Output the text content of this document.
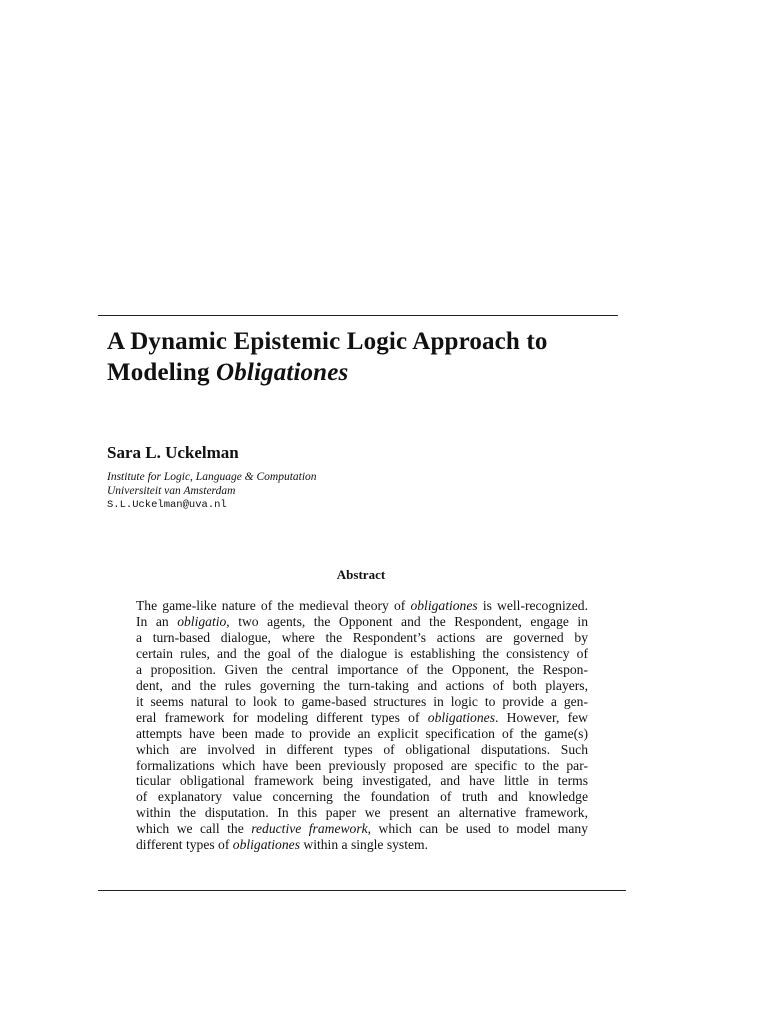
A Dynamic Epistemic Logic Approach to
Modeling Obligationes

Sara L. Uckelman

Institute for Logic, Language & Computation

Universiteit van Amsterdam

S.L.Uckelman@uva.nl

Abstract

The game-like nature of the medieval theory of obligationes is well-recognized.
In an obligatio, two agents, the Opponent and the Respondent, engage in
a turn-based dialogue, where the Respondent’s actions are governed by
certain rules, and the goal of the dialogue is establishing the consistency of
a proposition. Given the central importance of the Opponent, the Respon-
dent, and the rules governing the turn-taking and actions of both players,
it seems natural to look to game-based structures in logic to provide a gen-
eral framework for modeling different types of obligationes. However, few
attempts have been made to provide an explicit specification of the game(s)
which are involved in different types of obligational disputations. Such
formalizations which have been previously proposed are specific to the par-
ticular obligational framework being investigated, and have little in terms
of explanatory value concerning the foundation of truth and knowledge
within the disputation. In this paper we present an alternative framework,
which we call the reductive framework, which can be used to model many
different types of obligationes within a single system.
